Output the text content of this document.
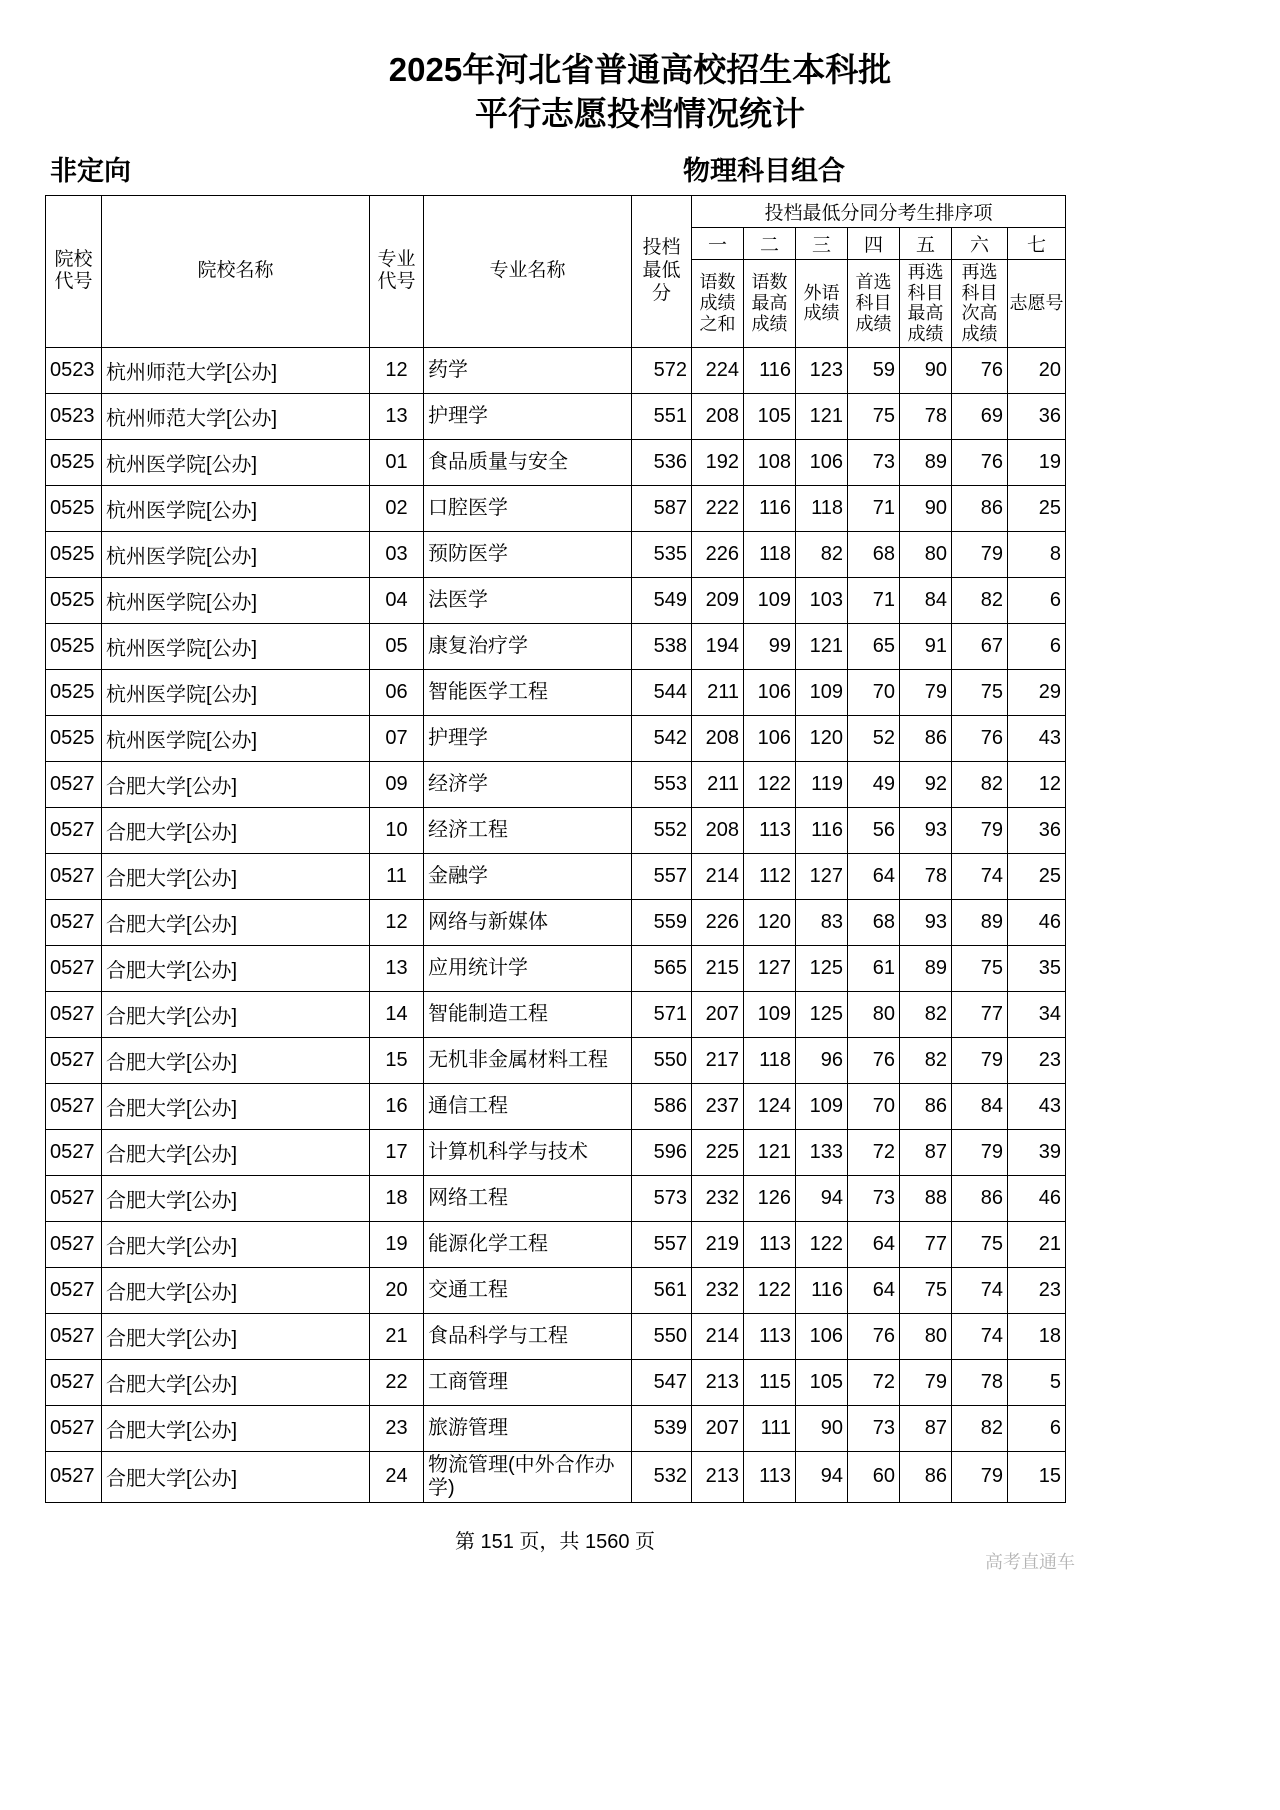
2025年河北省普通高校招生本科批
平行志愿投档情况统计
非定向	物理科目组合
院校代号	院校名称	专业代号	专业名称	投档最低分	投档最低分同分考生排序项						
					一	二	三	四	五	六	七
					语数成绩之和	语数最高成绩	外语成绩	首选科目成绩	再选科目最高成绩	再选科目次高成绩	志愿号
0523	杭州师范大学[公办]	12	药学	572	224	116	123	59	90	76	20
0523	杭州师范大学[公办]	13	护理学	551	208	105	121	75	78	69	36
0525	杭州医学院[公办]	01	食品质量与安全	536	192	108	106	73	89	76	19
0525	杭州医学院[公办]	02	口腔医学	587	222	116	118	71	90	86	25
0525	杭州医学院[公办]	03	预防医学	535	226	118	82	68	80	79	8
0525	杭州医学院[公办]	04	法医学	549	209	109	103	71	84	82	6
0525	杭州医学院[公办]	05	康复治疗学	538	194	99	121	65	91	67	6
0525	杭州医学院[公办]	06	智能医学工程	544	211	106	109	70	79	75	29
0525	杭州医学院[公办]	07	护理学	542	208	106	120	52	86	76	43
0527	合肥大学[公办]	09	经济学	553	211	122	119	49	92	82	12
0527	合肥大学[公办]	10	经济工程	552	208	113	116	56	93	79	36
0527	合肥大学[公办]	11	金融学	557	214	112	127	64	78	74	25
0527	合肥大学[公办]	12	网络与新媒体	559	226	120	83	68	93	89	46
0527	合肥大学[公办]	13	应用统计学	565	215	127	125	61	89	75	35
0527	合肥大学[公办]	14	智能制造工程	571	207	109	125	80	82	77	34
0527	合肥大学[公办]	15	无机非金属材料工程	550	217	118	96	76	82	79	23
0527	合肥大学[公办]	16	通信工程	586	237	124	109	70	86	84	43
0527	合肥大学[公办]	17	计算机科学与技术	596	225	121	133	72	87	79	39
0527	合肥大学[公办]	18	网络工程	573	232	126	94	73	88	86	46
0527	合肥大学[公办]	19	能源化学工程	557	219	113	122	64	77	75	21
0527	合肥大学[公办]	20	交通工程	561	232	122	116	64	75	74	23
0527	合肥大学[公办]	21	食品科学与工程	550	214	113	106	76	80	74	18
0527	合肥大学[公办]	22	工商管理	547	213	115	105	72	79	78	5
0527	合肥大学[公办]	23	旅游管理	539	207	111	90	73	87	82	6
0527	合肥大学[公办]	24	物流管理(中外合作办学)	532	213	113	94	60	86	79	15
第 151 页，共 1560 页
高考直通车
